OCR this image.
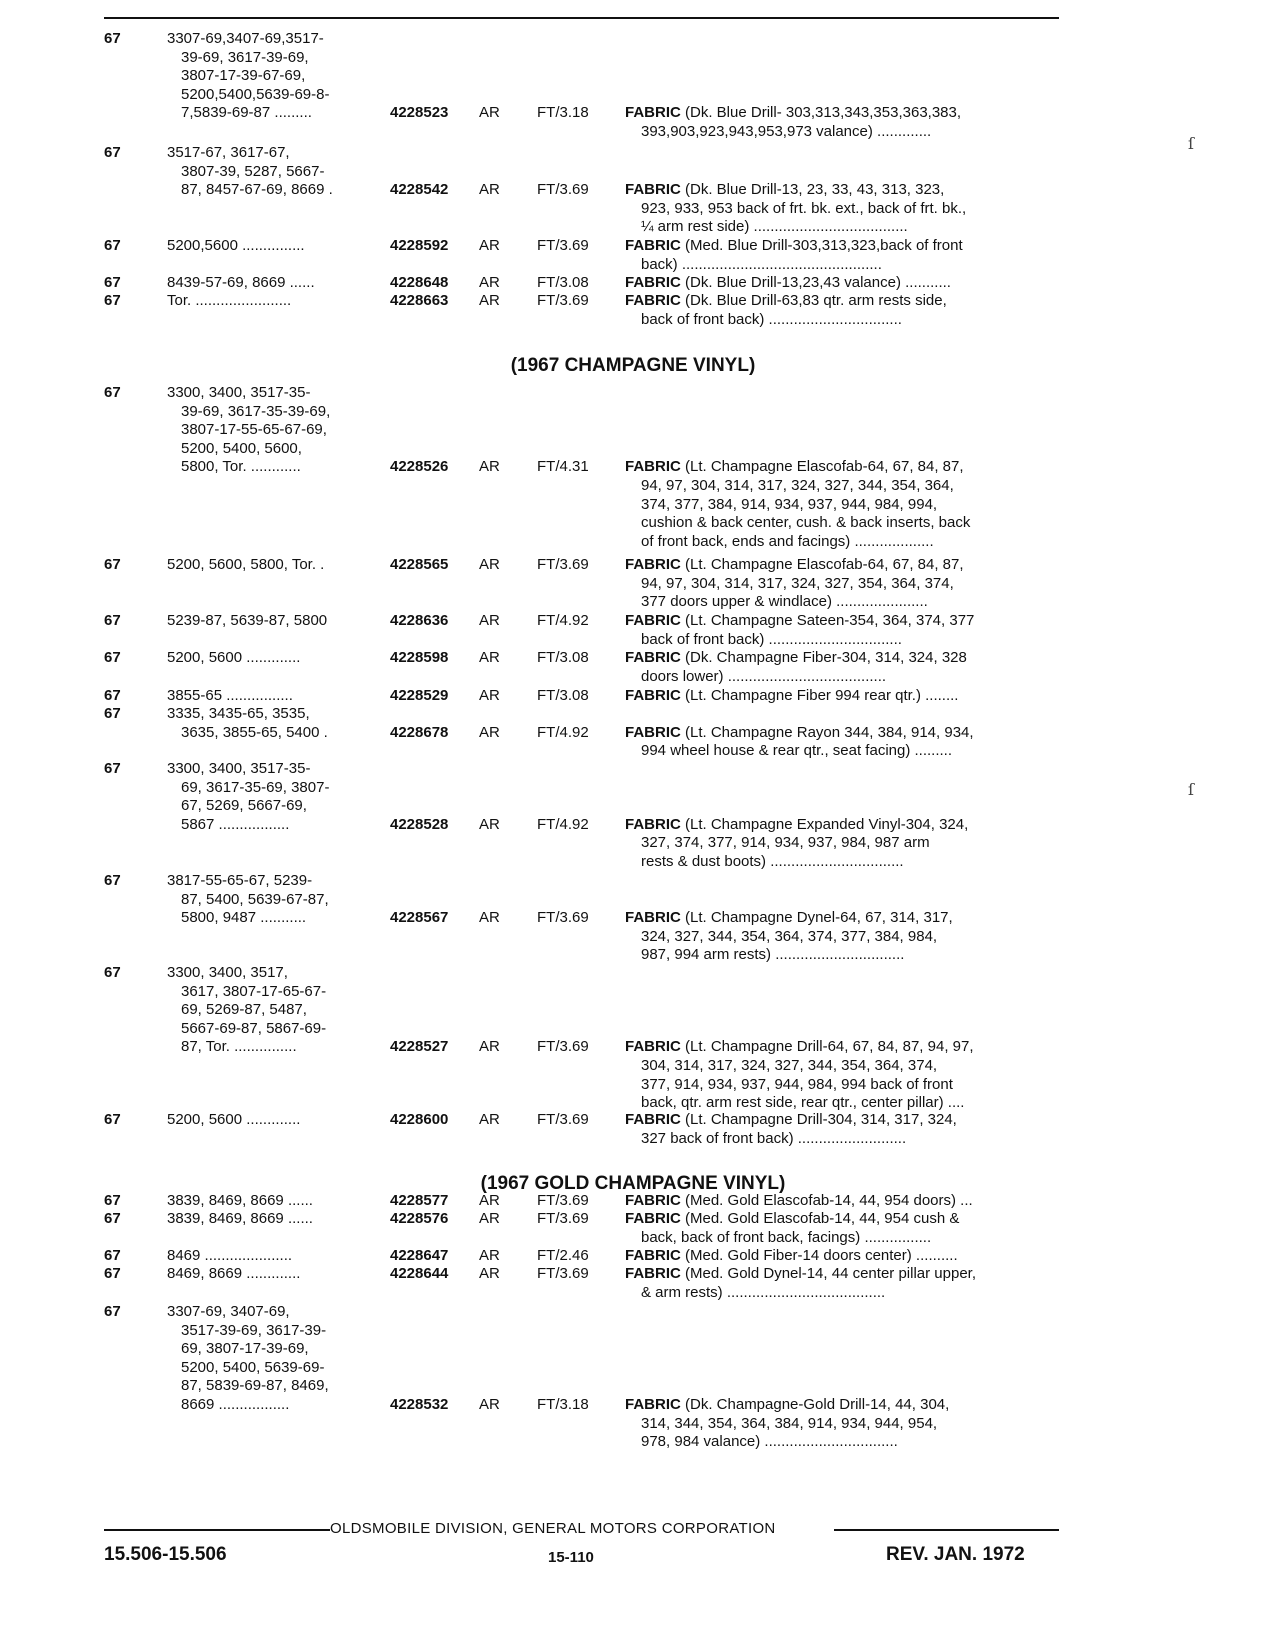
(1967 CHAMPAGNE VINYL)
(1967 GOLD CHAMPAGNE VINYL)
67	3307-69,3407-69,3517-
39-69, 3617-39-69,
3807-17-39-67-69,
5200,5400,5639-69-8-
7,5839-69-87 .........	4228523 AR FT/3.18 FABRIC (Dk. Blue Drill- 303,313,343,353,363,383,
393,903,923,943,953,973 valance) .............
67	3517-67, 3617-67,
3807-39, 5287, 5667-
87, 8457-67-69, 8669 .	4228542 AR FT/3.69 FABRIC (Dk. Blue Drill-13, 23, 33, 43, 313, 323,
923, 933, 953 back of frt. bk. ext., back of frt. bk.,
¼ arm rest side) .....................................
67	5200,5600 ...............	4228592 AR FT/3.69 FABRIC (Med. Blue Drill-303,313,323,back of front
back) ................................................
67	8439-57-69, 8669 ......	4228648 AR FT/3.08 FABRIC (Dk. Blue Drill-13,23,43 valance) ...........
67	Tor. .......................	4228663 AR FT/3.69 FABRIC (Dk. Blue Drill-63,83 qtr. arm rests side,
back of front back) ................................
67	3300, 3400, 3517-35-
39-69, 3617-35-39-69,
3807-17-55-65-67-69,
5200, 5400, 5600,
5800, Tor. ............	4228526 AR FT/4.31 FABRIC (Lt. Champagne Elascofab-64, 67, 84, 87,
94, 97, 304, 314, 317, 324, 327, 344, 354, 364,
374, 377, 384, 914, 934, 937, 944, 984, 994,
cushion & back center, cush. & back inserts, back
of front back, ends and facings) ...................
67	5200, 5600, 5800, Tor. .	4228565 AR FT/3.69 FABRIC (Lt. Champagne Elascofab-64, 67, 84, 87,
94, 97, 304, 314, 317, 324, 327, 354, 364, 374,
377 doors upper & windlace) ......................
67	5239-87, 5639-87, 5800	4228636 AR FT/4.92 FABRIC (Lt. Champagne Sateen-354, 364, 374, 377
back of front back) ................................
67	5200, 5600 .............	4228598 AR FT/3.08 FABRIC (Dk. Champagne Fiber-304, 314, 324, 328
doors lower) ......................................
67	3855-65 ................	4228529 AR FT/3.08 FABRIC (Lt. Champagne Fiber 994 rear qtr.) ........
67	3335, 3435-65, 3535,
3635, 3855-65, 5400 .	4228678 AR FT/4.92 FABRIC (Lt. Champagne Rayon 344, 384, 914, 934,
994 wheel house & rear qtr., seat facing) .........
67	3300, 3400, 3517-35-
69, 3617-35-69, 3807-
67, 5269, 5667-69,
5867 .................	4228528 AR FT/4.92 FABRIC (Lt. Champagne Expanded Vinyl-304, 324,
327, 374, 377, 914, 934, 937, 984, 987 arm
rests & dust boots) ................................
67	3817-55-65-67, 5239-
87, 5400, 5639-67-87,
5800, 9487 ...........	4228567 AR FT/3.69 FABRIC (Lt. Champagne Dynel-64, 67, 314, 317,
324, 327, 344, 354, 364, 374, 377, 384, 984,
987, 994 arm rests) ...............................
67	3300, 3400, 3517,
3617, 3807-17-65-67-
69, 5269-87, 5487,
5667-69-87, 5867-69-
87, Tor. ...............	4228527 AR FT/3.69 FABRIC (Lt. Champagne Drill-64, 67, 84, 87, 94, 97,
304, 314, 317, 324, 327, 344, 354, 364, 374,
377, 914, 934, 937, 944, 984, 994 back of front
back, qtr. arm rest side, rear qtr., center pillar) ....
67	5200, 5600 .............	4228600 AR FT/3.69 FABRIC (Lt. Champagne Drill-304, 314, 317, 324,
327 back of front back) ..........................
67	3839, 8469, 8669 ......	4228577 AR FT/3.69 FABRIC (Med. Gold Elascofab-14, 44, 954 doors) ...
67	3839, 8469, 8669 ......	4228576 AR FT/3.69 FABRIC (Med. Gold Elascofab-14, 44, 954 cush &
back, back of front back, facings) ................
67	8469 .....................	4228647 AR FT/2.46 FABRIC (Med. Gold Fiber-14 doors center) ..........
67	8469, 8669 .............	4228644 AR FT/3.69 FABRIC (Med. Gold Dynel-14, 44 center pillar upper,
& arm rests) ......................................
67	3307-69, 3407-69,
3517-39-69, 3617-39-
69, 3807-17-39-69,
5200, 5400, 5639-69-
87, 5839-69-87, 8469,
8669 .................	4228532 AR FT/3.18 FABRIC (Dk. Champagne-Gold Drill-14, 44, 304,
314, 344, 354, 364, 384, 914, 934, 944, 954,
978, 984 valance) ................................
OLDSMOBILE DIVISION, GENERAL MOTORS CORPORATION
15.506-15.506	15-110	REV. JAN. 1972
ſ
ſ
